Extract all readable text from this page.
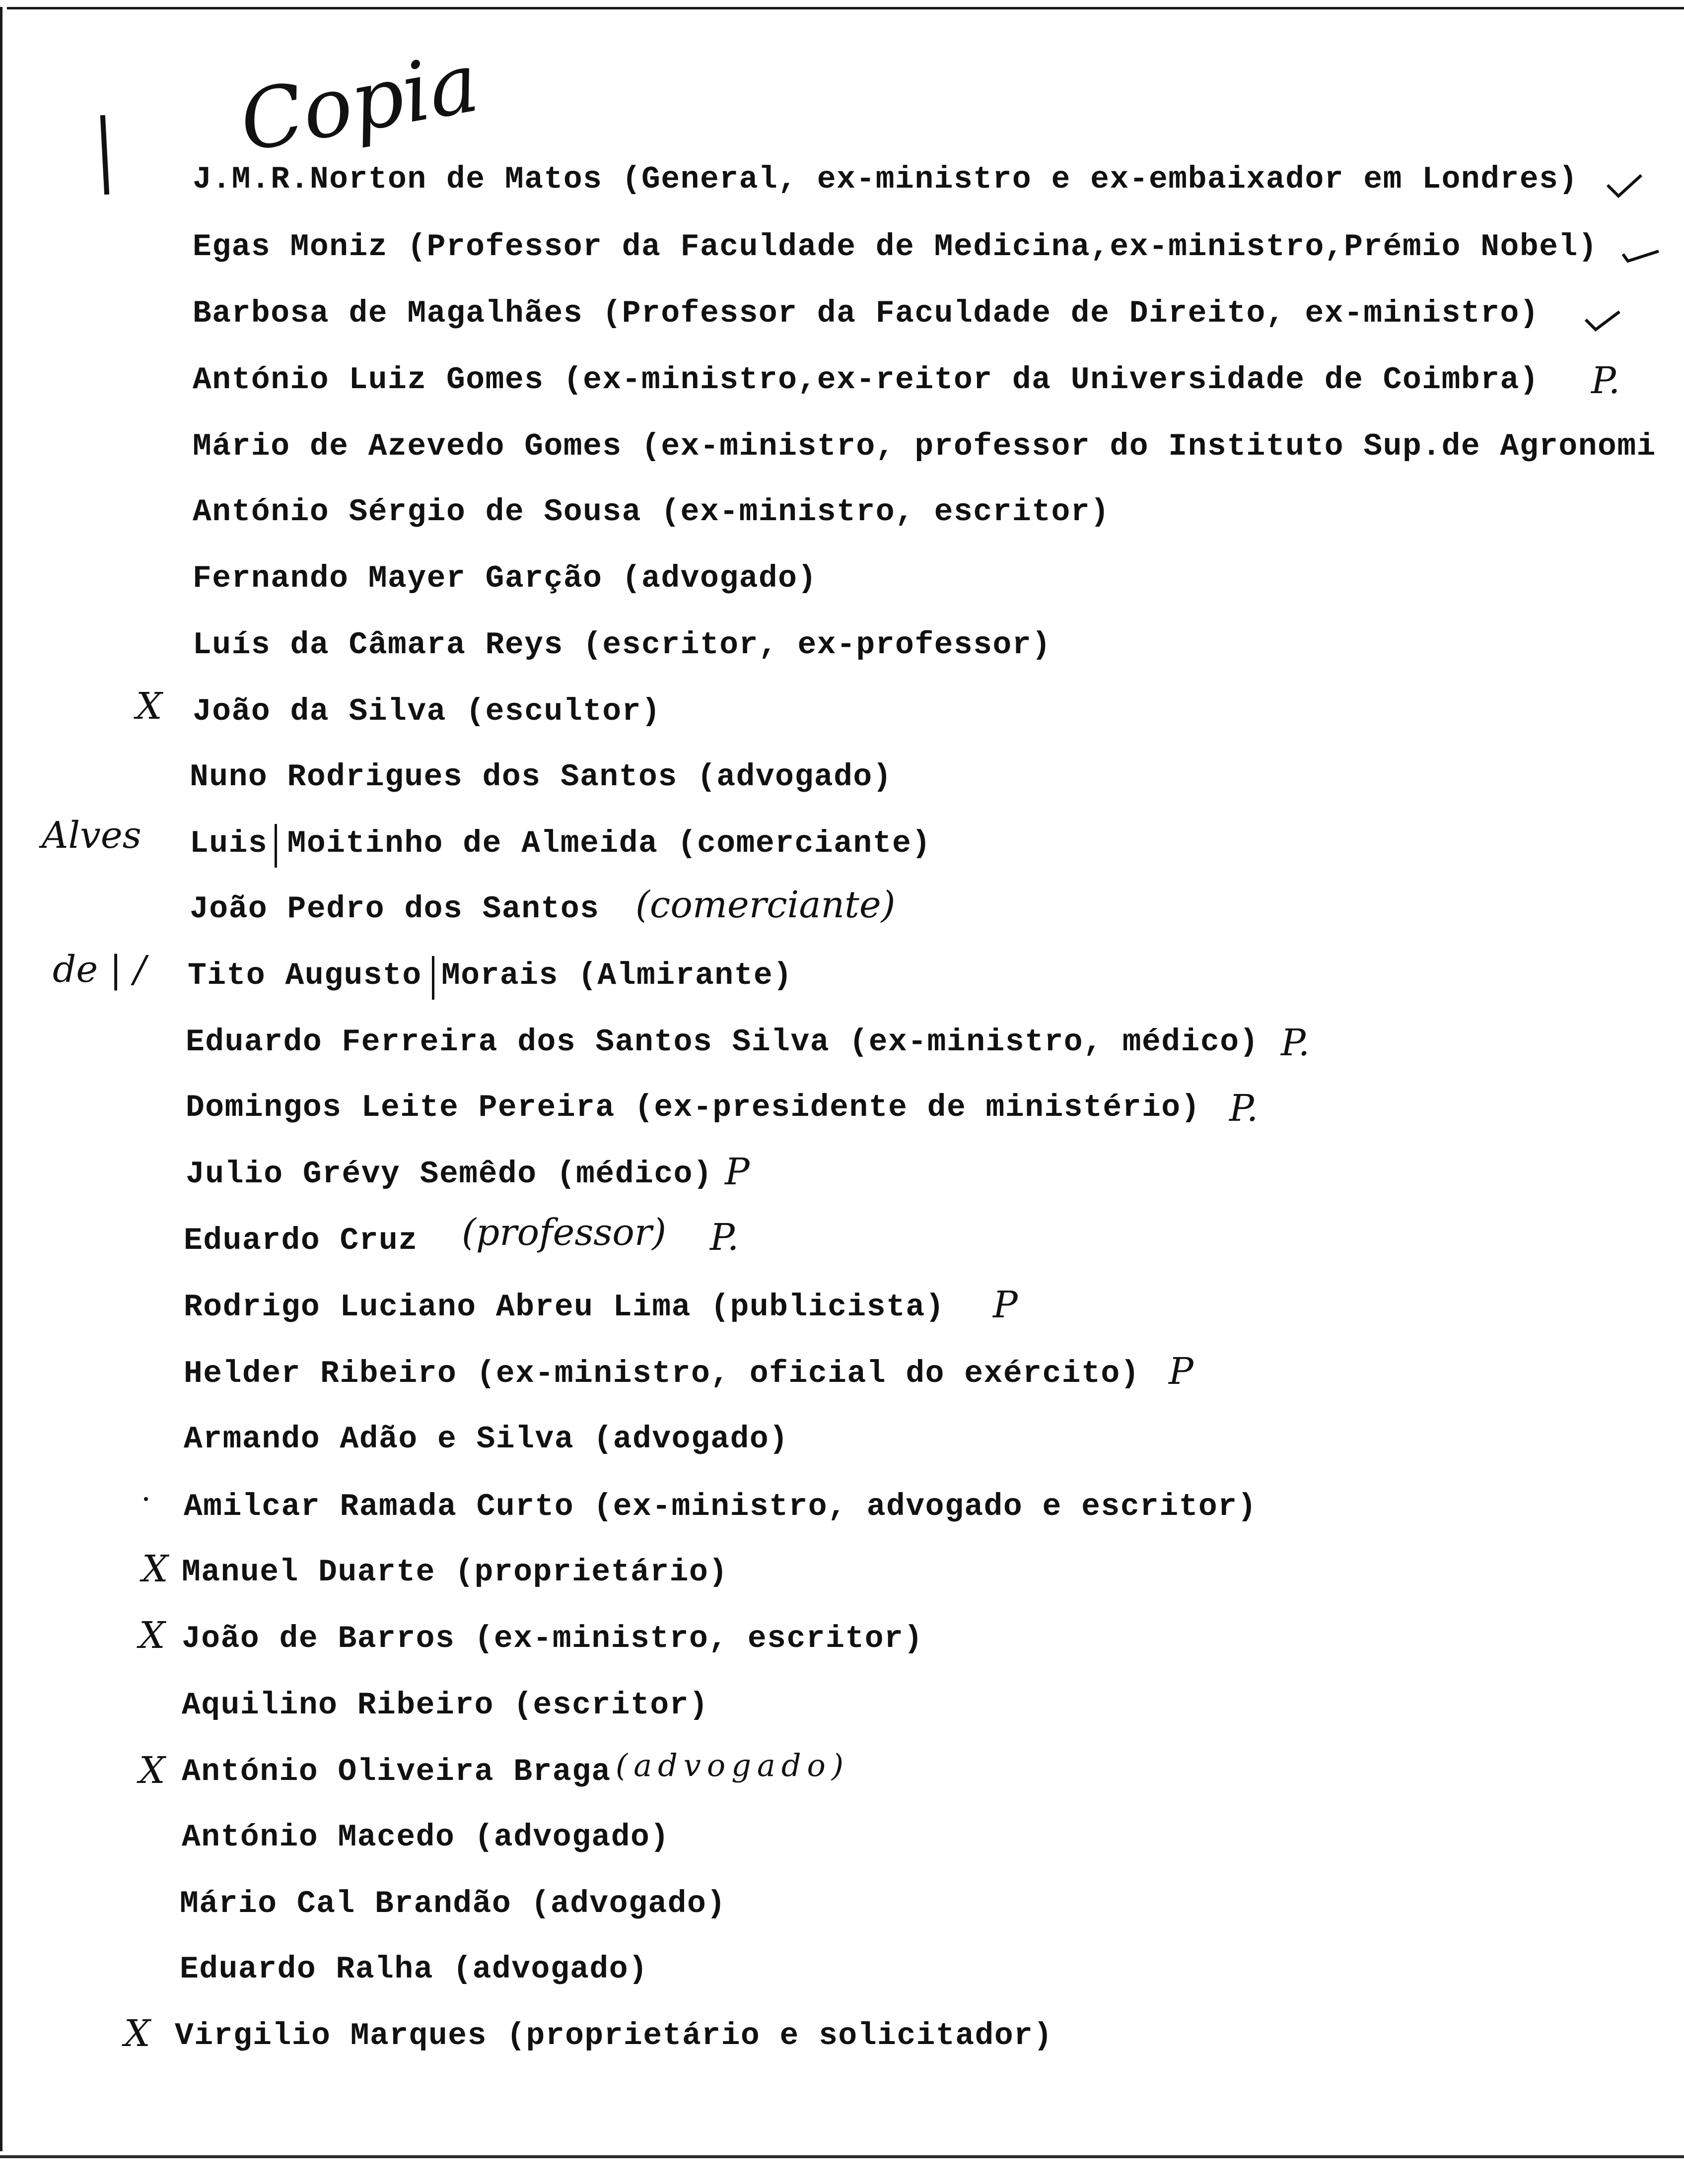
Copia
J.M.R.Norton de Matos (General, ex-ministro e ex-embaixador em Londres)
Egas Moniz (Professor da Faculdade de Medicina,ex-ministro,Prémio Nobel)
Barbosa de Magalhães (Professor da Faculdade de Direito, ex-ministro)
António Luiz Gomes (ex-ministro,ex-reitor da Universidade de Coimbra) P.
Mário de Azevedo Gomes (ex-ministro, professor do Instituto Sup.de Agronomi
António Sérgio de Sousa (ex-ministro, escritor)
Fernando Mayer Garção (advogado)
Luís da Câmara Reys (escritor, ex-professor)
X João da Silva (escultor)
Nuno Rodrigues dos Santos (advogado)
Alves Luis Moitinho de Almeida (comerciante)
João Pedro dos Santos (comerciante)
de | / Tito Augusto Morais (Almirante)
Eduardo Ferreira dos Santos Silva (ex-ministro, médico) P.
Domingos Leite Pereira (ex-presidente de ministério) P.
Julio Grévy Semêdo (médico) P
Eduardo Cruz (professor) P.
Rodrigo Luciano Abreu Lima (publicista) P
Helder Ribeiro (ex-ministro, oficial do exército) P
Armando Adão e Silva (advogado)
Amilcar Ramada Curto (ex-ministro, advogado e escritor)
X Manuel Duarte (proprietário)
X João de Barros (ex-ministro, escritor)
Aquilino Ribeiro (escritor)
X António Oliveira Braga (advogado)
António Macedo (advogado)
Mário Cal Brandão (advogado)
Eduardo Ralha (advogado)
X Virgilio Marques (proprietário e solicitador)
